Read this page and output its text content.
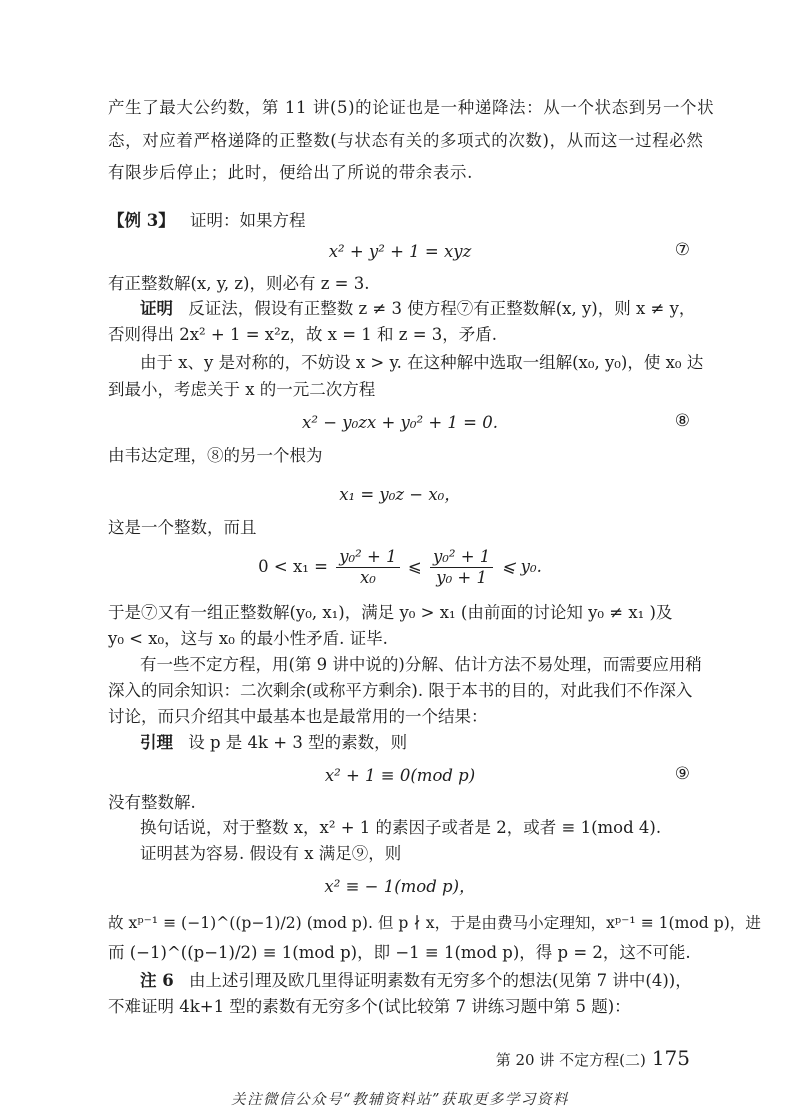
产生了最大公约数，第 11 讲(5)的论证也是一种递降法：从一个状态到另一个状
态，对应着严格递降的正整数(与状态有关的多项式的次数)，从而这一过程必然
有限步后停止；此时，便给出了所说的带余表示.
【例 3】 证明：如果方程
x² + y² + 1 = xyz	⑦
有正整数解(x, y, z)，则必有 z = 3.
证明 反证法，假设有正整数 z ≠ 3 使方程⑦有正整数解(x, y)，则 x ≠ y，
否则得出 2x² + 1 = x²z，故 x = 1 和 z = 3，矛盾.
由于 x、y 是对称的，不妨设 x > y. 在这种解中选取一组解(x₀, y₀)，使 x₀ 达
到最小，考虑关于 x 的一元二次方程
x² − y₀zx + y₀² + 1 = 0.	⑧
由韦达定理，⑧的另一个根为
x₁ = y₀z − x₀，
这是一个整数，而且
$0 < x_1 = \frac{\text{y₀² + 1}}{\text{x₀}}$ ⩽ $\frac{\text{y₀² + 1}}{\text{y₀ + 1}}$ ⩽ y₀.
于是⑦又有一组正整数解(y₀, x₁)，满足 y₀ > x₁ (由前面的讨论知 y₀ ≠ x₁ )及
y₀ < x₀，这与 x₀ 的最小性矛盾. 证毕.
有一些不定方程，用(第 9 讲中说的)分解、估计方法不易处理，而需要应用稍
深入的同余知识：二次剩余(或称平方剩余). 限于本书的目的，对此我们不作深入
讨论，而只介绍其中最基本也是最常用的一个结果：
引理 设 p 是 4k + 3 型的素数，则
x² + 1 ≡ 0(mod p)	⑨
没有整数解.
换句话说，对于整数 x，x² + 1 的素因子或者是 2，或者 ≡ 1(mod 4).
证明甚为容易. 假设有 x 满足⑨，则
x² ≡ − 1(mod p)，
故 xᵖ⁻¹ ≡ (−1)^((p−1)/2) (mod p). 但 p ∤ x，于是由费马小定理知，xᵖ⁻¹ ≡ 1(mod p)，进
而 (−1)^((p−1)/2) ≡ 1(mod p)，即 −1 ≡ 1(mod p)，得 p = 2，这不可能.
注 6 由上述引理及欧几里得证明素数有无穷多个的想法(见第 7 讲中(4))，
不难证明 4k+1 型的素数有无穷多个(试比较第 7 讲练习题中第 5 题)：
第 20 讲 不定方程(二) 175
关注微信公众号“教辅资料站”获取更多学习资料
